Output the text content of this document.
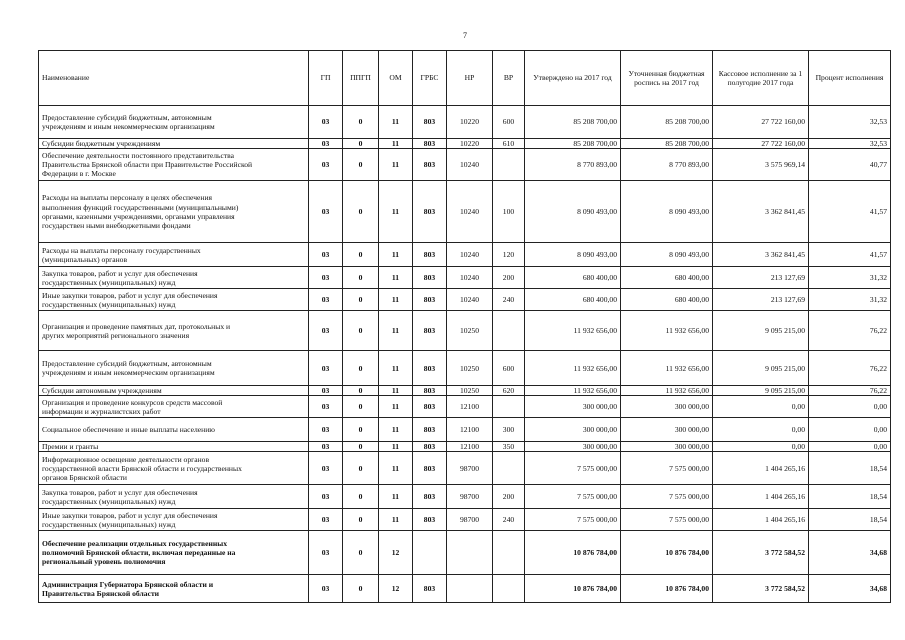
7
Наименование	ГП	ППГП	ОМ	ГРБС	НР	ВР	Утверждено на 2017 год	Уточненная бюджетная роспись на 2017 год	Кассовое исполнение за 1 полугодие 2017 года	Процент исполнения
Предоставление субсидий бюджетным, автономным
учреждениям и иным некоммерческим организациям	03	0	11	803	10220	600	85 208 700,00	85 208 700,00	27 722 160,00	32,53
Субсидии бюджетным учреждениям	03	0	11	803	10220	610	85 208 700,00	85 208 700,00	27 722 160,00	32,53
Обеспечение деятельности постоянного представительства
Правительства Брянской области при Правительстве Российской
Федерации в г. Москве	03	0	11	803	10240		8 770 893,00	8 770 893,00	3 575 969,14	40,77
Расходы на выплаты персоналу в целях обеспечения
выполнения функций государственными (муниципальными)
органами, казенными учреждениями, органами управления
государствен ными внебюджетными фондами	03	0	11	803	10240	100	8 090 493,00	8 090 493,00	3 362 841,45	41,57
Расходы на выплаты персоналу государственных
(муниципальных) органов	03	0	11	803	10240	120	8 090 493,00	8 090 493,00	3 362 841,45	41,57
Закупка товаров, работ и услуг для обеспечения
государственных (муниципальных) нужд	03	0	11	803	10240	200	680 400,00	680 400,00	213 127,69	31,32
Иные закупки товаров, работ и услуг для обеспечения
государственных (муниципальных) нужд	03	0	11	803	10240	240	680 400,00	680 400,00	213 127,69	31,32
Организация и проведение памятных дат, протокольных и
других мероприятий регионального значения	03	0	11	803	10250		11 932 656,00	11 932 656,00	9 095 215,00	76,22
Предоставление субсидий бюджетным, автономным
учреждениям и иным некоммерческим организациям	03	0	11	803	10250	600	11 932 656,00	11 932 656,00	9 095 215,00	76,22
Субсидии автономным учреждениям	03	0	11	803	10250	620	11 932 656,00	11 932 656,00	9 095 215,00	76,22
Организация и проведение конкурсов средств массовой
информации и журналистских работ	03	0	11	803	12100		300 000,00	300 000,00	0,00	0,00
Социальное обеспечение и иные выплаты населению	03	0	11	803	12100	300	300 000,00	300 000,00	0,00	0,00
Премии и гранты	03	0	11	803	12100	350	300 000,00	300 000,00	0,00	0,00
Информационное освещение деятельности органов
государственной власти Брянской области и государственных
органов Брянской области	03	0	11	803	98700		7 575 000,00	7 575 000,00	1 404 265,16	18,54
Закупка товаров, работ и услуг для обеспечения
государственных (муниципальных) нужд	03	0	11	803	98700	200	7 575 000,00	7 575 000,00	1 404 265,16	18,54
Иные закупки товаров, работ и услуг для обеспечения
государственных (муниципальных) нужд	03	0	11	803	98700	240	7 575 000,00	7 575 000,00	1 404 265,16	18,54
Обеспечение реализации отдельных государственных
полномочий Брянской области, включая переданные на
региональный уровень полномочия	03	0	12				10 876 784,00	10 876 784,00	3 772 584,52	34,68
Администрация Губернатора Брянской области и
Правительства Брянской области	03	0	12	803			10 876 784,00	10 876 784,00	3 772 584,52	34,68
